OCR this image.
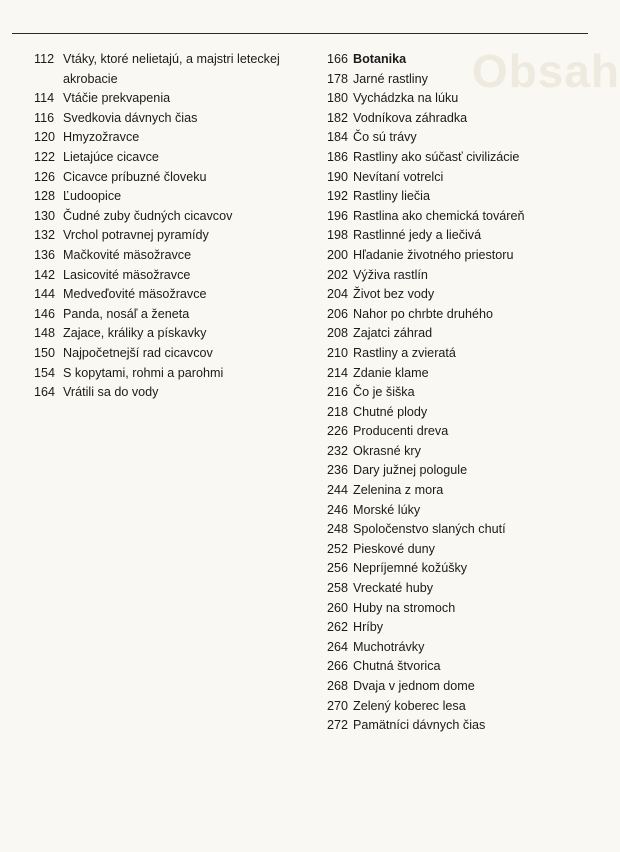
Obsah
112 Vtáky, ktoré nelietajú, a majstri leteckej akrobacie
114 Vtáčie prekvapenia
116 Svedkovia dávnych čias
120 Hmyzožravce
122 Lietajúce cicavce
126 Cicavce príbuzné človeku
128 Ľudoopice
130 Čudné zuby čudných cicavcov
132 Vrchol potravnej pyramídy
136 Mačkovité mäsožravce
142 Lasicovité mäsožravce
144 Medveďovité mäsožravce
146 Panda, nosáľ a ženeta
148 Zajace, králiky a pískavky
150 Najpočetnejší rad cicavcov
154 S kopytami, rohmi a parohmi
164 Vrátili sa do vody
166 Botanika
178 Jarné rastliny
180 Vychádzka na lúku
182 Vodníkova záhradka
184 Čo sú trávy
186 Rastliny ako súčasť civilizácie
190 Nevítaní votrelci
192 Rastliny liečia
196 Rastlina ako chemická továreň
198 Rastlinné jedy a liečivá
200 Hľadanie životného priestoru
202 Výživa rastlín
204 Život bez vody
206 Nahor po chrbte druhého
208 Zajatci záhrad
210 Rastliny a zvieratá
214 Zdanie klame
216 Čo je šiška
218 Chutné plody
226 Producenti dreva
232 Okrasné kry
236 Dary južnej pologule
244 Zelenina z mora
246 Morské lúky
248 Spoločenstvo slaných chutí
252 Pieskové duny
256 Nepríjemné kožúšky
258 Vreckaté huby
260 Huby na stromoch
262 Hríby
264 Muchotrávky
266 Chutná štvorica
268 Dvaja v jednom dome
270 Zelený koberec lesa
272 Pamätníci dávnych čias
